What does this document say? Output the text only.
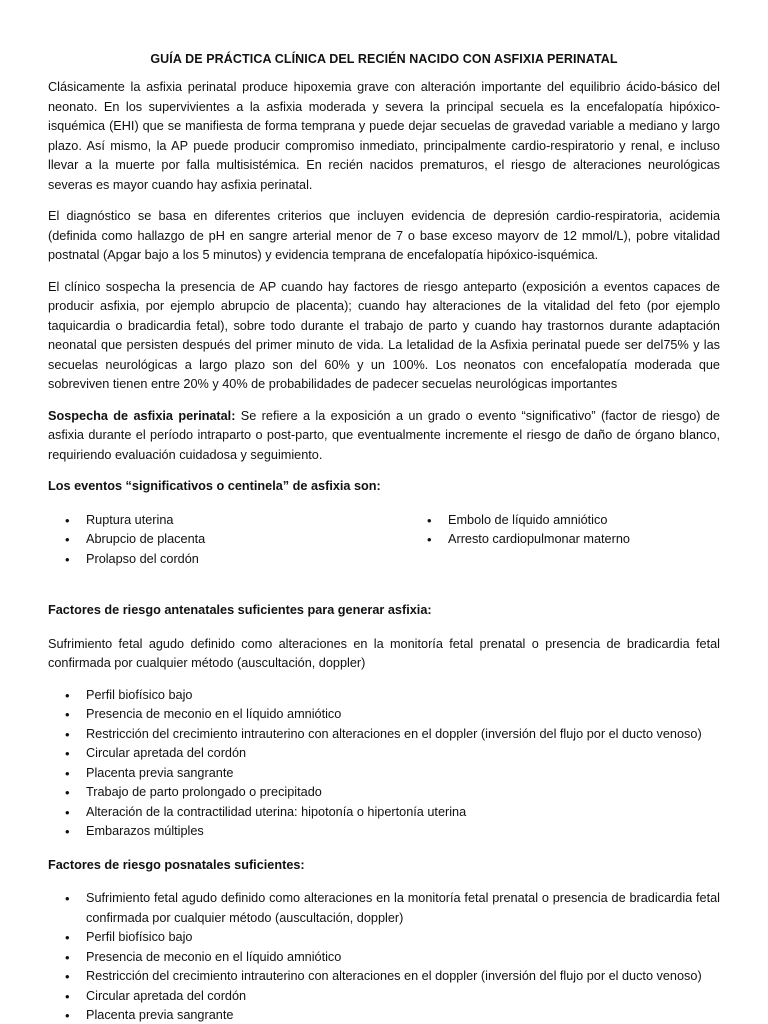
GUÍA DE PRÁCTICA CLÍNICA DEL RECIÉN NACIDO CON ASFIXIA PERINATAL

Clásicamente la asfixia perinatal produce hipoxemia grave con alteración importante del equilibrio ácido-básico del neonato. En los supervivientes a la asfixia moderada y severa la principal secuela es la encefalopatía hipóxico-isquémica (EHI) que se manifiesta de forma temprana y puede dejar secuelas de gravedad variable a mediano y largo plazo. Así mismo, la AP puede producir compromiso inmediato, principalmente cardio-respiratorio y renal, e incluso llevar a la muerte por falla multisistémica. En recién nacidos prematuros, el riesgo de alteraciones neurológicas severas es mayor cuando hay asfixia perinatal.

El diagnóstico se basa en diferentes criterios que incluyen evidencia de depresión cardio-respiratoria, acidemia (definida como hallazgo de pH en sangre arterial menor de 7 o base exceso mayorv de 12 mmol/L), pobre vitalidad postnatal (Apgar bajo a los 5 minutos) y evidencia temprana de encefalopatía hipóxico-isquémica.

El clínico sospecha la presencia de AP cuando hay factores de riesgo anteparto (exposición a eventos capaces de producir asfixia, por ejemplo abrupcio de placenta); cuando hay alteraciones de la vitalidad del feto (por ejemplo taquicardia o bradicardia fetal), sobre todo durante el trabajo de parto y cuando hay trastornos durante adaptación neonatal que persisten después del primer minuto de vida. La letalidad de la Asfixia perinatal puede ser del75% y las secuelas neurológicas a largo plazo son del 60% y un 100%. Los neonatos con encefalopatía moderada que sobreviven tienen entre 20% y 40% de probabilidades de padecer secuelas neurológicas importantes

Sospecha de asfixia perinatal: Se refiere a la exposición a un grado o evento “significativo” (factor de riesgo) de asfixia durante el período intraparto o post-parto, que eventualmente incremente el riesgo de daño de órgano blanco, requiriendo evaluación cuidadosa y seguimiento.

Los eventos “significativos o centinela” de asfixia son:
• Ruptura uterina
• Abrupcio de placenta
• Prolapso del cordón
• Embolo de líquido amniótico
• Arresto cardiopulmonar materno
Factores de riesgo antenatales suficientes para generar asfixia:

Sufrimiento fetal agudo definido como alteraciones en la monitoría fetal prenatal o presencia de bradicardia fetal confirmada por cualquier método (auscultación, doppler)

• Perfil biofísico bajo
• Presencia de meconio en el líquido amniótico
• Restricción del crecimiento intrauterino con alteraciones en el doppler (inversión del flujo por el ducto venoso)
• Circular apretada del cordón
• Placenta previa sangrante
• Trabajo de parto prolongado o precipitado
• Alteración de la contractilidad uterina: hipotonía o hipertonía uterina
• Embarazos múltiples
Factores de riesgo posnatales suficientes:
• Sufrimiento fetal agudo definido como alteraciones en la monitoría fetal prenatal o presencia de bradicardia fetal confirmada por cualquier método (auscultación, doppler)
• Perfil biofísico bajo
• Presencia de meconio en el líquido amniótico
• Restricción del crecimiento intrauterino con alteraciones en el doppler (inversión del flujo por el ducto venoso)
• Circular apretada del cordón
• Placenta previa sangrante
